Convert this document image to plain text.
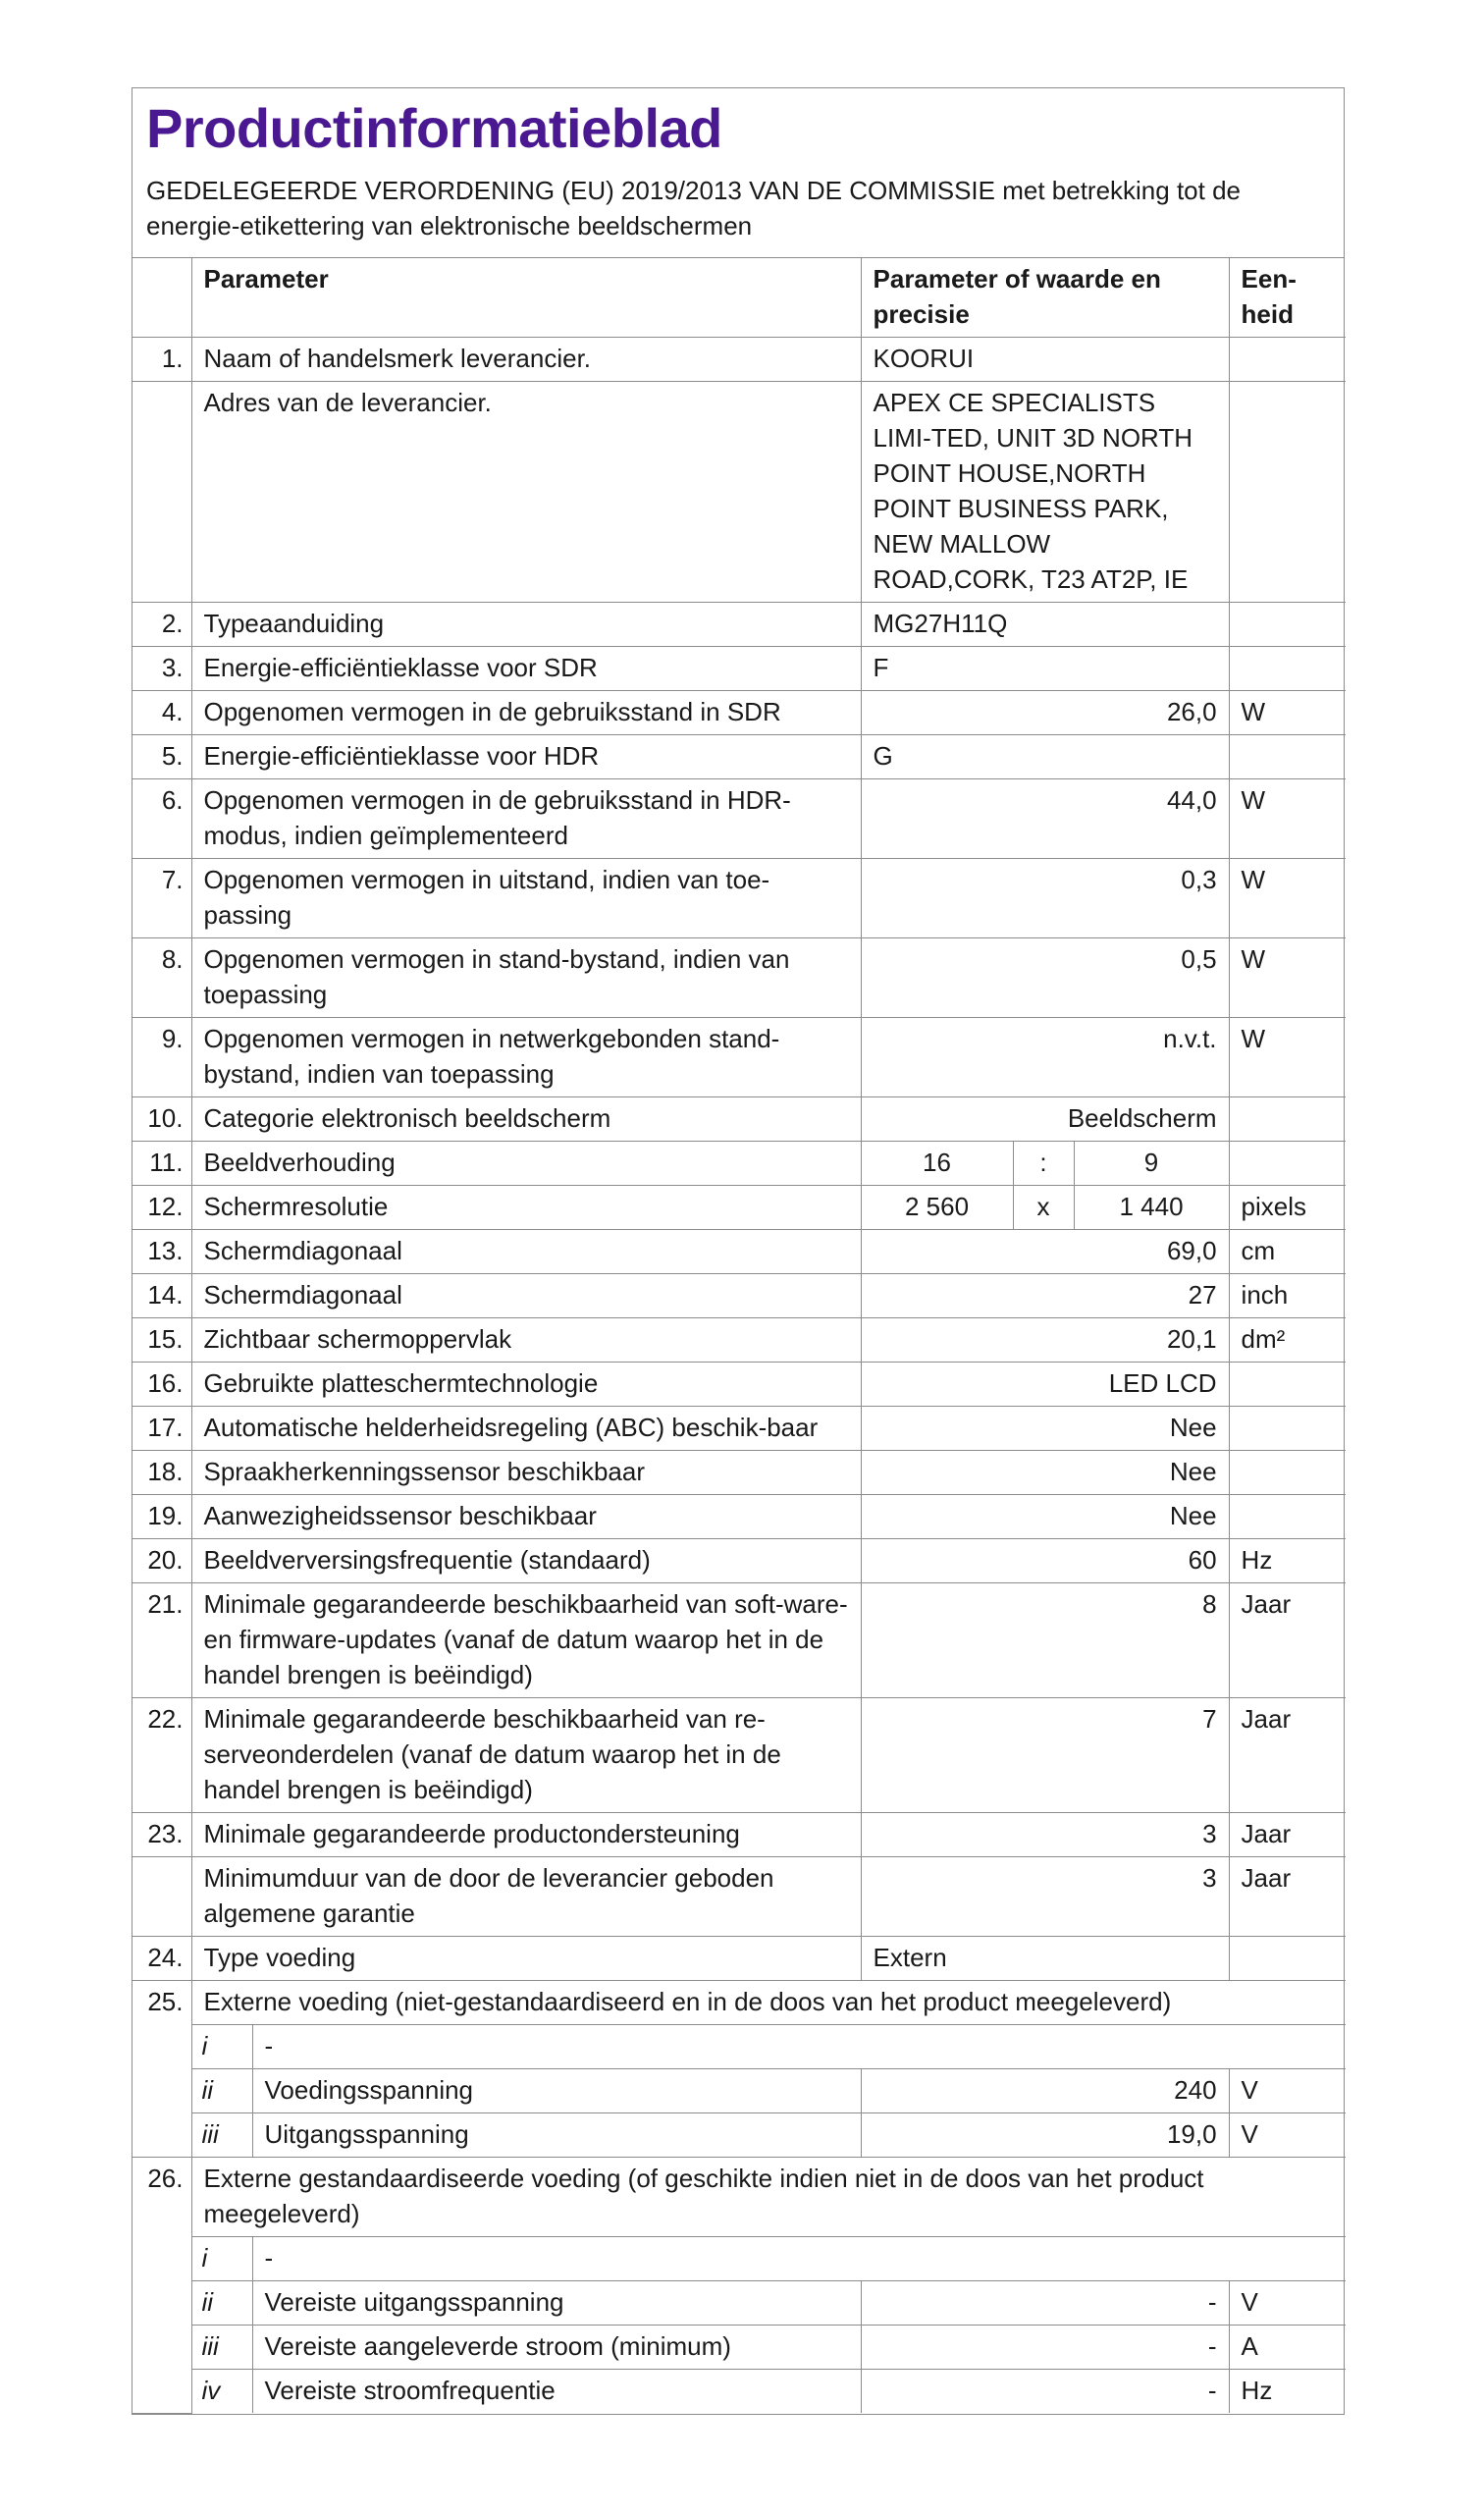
Productinformatieblad

GEDELEGEERDE VERORDENING (EU) 2019/2013 VAN DE COMMISSIE met betrekking tot de energie-etikettering van elektronische beeldschermen

	Parameter		Parameter of waarde en precisie			Een-heid
1.	Naam of handelsmerk leverancier.		KOORUI			
	Adres van de leverancier.		APEX CE SPECIALISTS LIMI-TED, UNIT 3D NORTH POINT HOUSE,NORTH POINT BUSINESS PARK, NEW MALLOW ROAD,CORK, T23 AT2P, IE			
2.	Typeaanduiding		MG27H11Q			
3.	Energie-efficiëntieklasse voor SDR		F			
4.	Opgenomen vermogen in de gebruiksstand in SDR		26,0			W
5.	Energie-efficiëntieklasse voor HDR		G			
6.	Opgenomen vermogen in de gebruiksstand in HDR-modus, indien geïmplementeerd		44,0			W
7.	Opgenomen vermogen in uitstand, indien van toe-passing		0,3			W
8.	Opgenomen vermogen in stand-bystand, indien van toepassing		0,5			W
9.	Opgenomen vermogen in netwerkgebonden stand-bystand, indien van toepassing		n.v.t.			W
10.	Categorie elektronisch beeldscherm		Beeldscherm			
11.	Beeldverhouding		16	:	9	
12.	Schermresolutie		2 560	x	1 440	pixels
13.	Schermdiagonaal		69,0			cm
14.	Schermdiagonaal		27			inch
15.	Zichtbaar schermoppervlak		20,1			dm²
16.	Gebruikte platteschermtechnologie		LED LCD			
17.	Automatische helderheidsregeling (ABC) beschik-baar		Nee			
18.	Spraakherkenningssensor beschikbaar		Nee			
19.	Aanwezigheidssensor beschikbaar		Nee			
20.	Beeldverversingsfrequentie (standaard)		60			Hz
21.	Minimale gegarandeerde beschikbaarheid van soft-ware- en firmware-updates (vanaf de datum waarop het in de handel brengen is beëindigd)		8			Jaar
22.	Minimale gegarandeerde beschikbaarheid van re-serveonderdelen (vanaf de datum waarop het in de handel brengen is beëindigd)		7			Jaar
23.	Minimale gegarandeerde productondersteuning		3			Jaar
	Minimumduur van de door de leverancier geboden algemene garantie		3			Jaar
24.	Type voeding		Extern			
25.	Externe voeding (niet-gestandaardiseerd en in de doos van het product meegeleverd)					
	i	-				
	ii	Voedingsspanning	240			V
	iii	Uitgangsspanning	19,0			V
26.	Externe gestandaardiseerde voeding (of geschikte indien niet in de doos van het product meegeleverd)					
	i	-				
	ii	Vereiste uitgangsspanning	-			V
	iii	Vereiste aangeleverde stroom (minimum)	-			A
	iv	Vereiste stroomfrequentie	-			Hz
